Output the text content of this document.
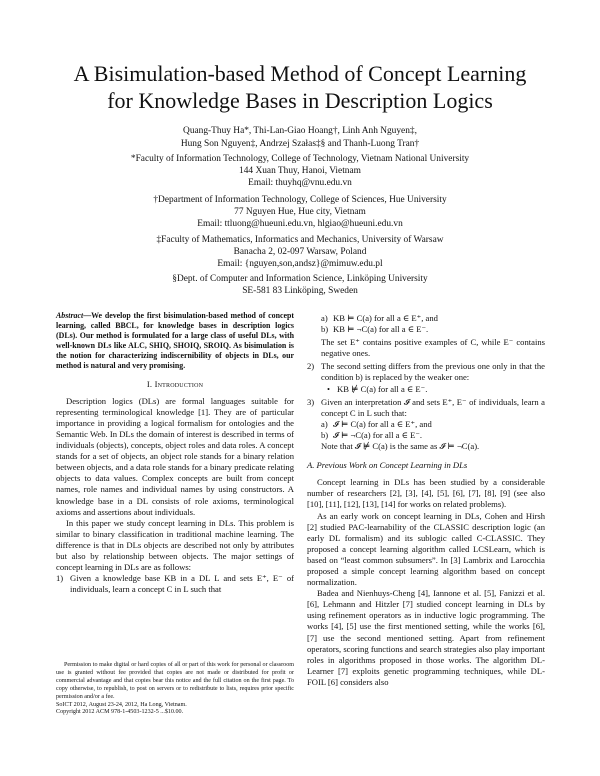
A Bisimulation-based Method of Concept Learning
for Knowledge Bases in Description Logics
Quang-Thuy Ha*, Thi-Lan-Giao Hoang†, Linh Anh Nguyen‡,
Hung Son Nguyen‡, Andrzej Szałas‡§ and Thanh-Luong Tran†
*Faculty of Information Technology, College of Technology, Vietnam National University
144 Xuan Thuy, Hanoi, Vietnam
Email: thuyhq@vnu.edu.vn
†Department of Information Technology, College of Sciences, Hue University
77 Nguyen Hue, Hue city, Vietnam
Email: ttluong@hueuni.edu.vn, hlgiao@hueuni.edu.vn
‡Faculty of Mathematics, Informatics and Mechanics, University of Warsaw
Banacha 2, 02-097 Warsaw, Poland
Email: {nguyen,son,andsz}@mimuw.edu.pl
§Dept. of Computer and Information Science, Linköping University
SE-581 83 Linköping, Sweden

Abstract—We develop the first bisimulation-based method of concept learning, called BBCL, for knowledge bases in description logics (DLs). Our method is formulated for a large class of useful DLs, with well-known DLs like ALC, SHIQ, SHOIQ, SROIQ. As bisimulation is the notion for characterizing indiscernibility of objects in DLs, our method is natural and very promising.

I. Introduction

Description logics (DLs) are formal languages suitable for representing terminological knowledge [1]. They are of particular importance in providing a logical formalism for ontologies and the Semantic Web. In DLs the domain of interest is described in terms of individuals (objects), concepts, object roles and data roles. A concept stands for a set of objects, an object role stands for a binary relation between objects, and a data role stands for a binary predicate relating objects to data values. Complex concepts are built from concept names, role names and individual names by using constructors. A knowledge base in a DL consists of role axioms, terminological axioms and assertions about individuals.

In this paper we study concept learning in DLs. This problem is similar to binary classification in traditional machine learning. The difference is that in DLs objects are described not only by attributes but also by relationship between objects. The major settings of concept learning in DLs are as follows:

1) Given a knowledge base KB in a DL L and sets E⁺, E⁻ of individuals, learn a concept C in L such that
Permission to make digital or hard copies of all or part of this work for personal or classroom use is granted without fee provided that copies are not made or distributed for profit or commercial advantage and that copies bear this notice and the full citation on the first page. To copy otherwise, to republish, to post on servers or to redistribute to lists, requires prior specific permission and/or a fee.
SoICT 2012, August 23-24, 2012, Ha Long, Vietnam.
Copyright 2012 ACM 978-1-4503-1232-5 ...$10.00.
a) KB ⊨ C(a) for all a ∈ E⁺, and
b) KB ⊨ ¬C(a) for all a ∈ E⁻.

The set E⁺ contains positive examples of C, while E⁻ contains negative ones.

2) The second setting differs from the previous one only in that the condition b) is replaced by the weaker one:
• KB ⊭ C(a) for all a ∈ E⁻.
3) Given an interpretation 𝓘 and sets E⁺, E⁻ of individuals, learn a concept C in L such that:
a) 𝓘 ⊨ C(a) for all a ∈ E⁺, and
b) 𝓘 ⊨ ¬C(a) for all a ∈ E⁻.

Note that 𝓘 ⊭ C(a) is the same as 𝓘 ⊨ ¬C(a).

A. Previous Work on Concept Learning in DLs

Concept learning in DLs has been studied by a considerable number of researchers [2], [3], [4], [5], [6], [7], [8], [9] (see also [10], [11], [12], [13], [14] for works on related problems).

As an early work on concept learning in DLs, Cohen and Hirsh [2] studied PAC-learnability of the CLASSIC description logic (an early DL formalism) and its sublogic called C-CLASSIC. They proposed a concept learning algorithm called LCSLearn, which is based on “least common subsumers”. In [3] Lambrix and Larocchia proposed a simple concept learning algorithm based on concept normalization.

Badea and Nienhuys-Cheng [4], Iannone et al. [5], Fanizzi et al. [6], Lehmann and Hitzler [7] studied concept learning in DLs by using refinement operators as in inductive logic programming. The works [4], [5] use the first mentioned setting, while the works [6], [7] use the second mentioned setting. Apart from refinement operators, scoring functions and search strategies also play important roles in algorithms proposed in those works. The algorithm DL-Learner [7] exploits genetic programming techniques, while DL-FOIL [6] considers also
